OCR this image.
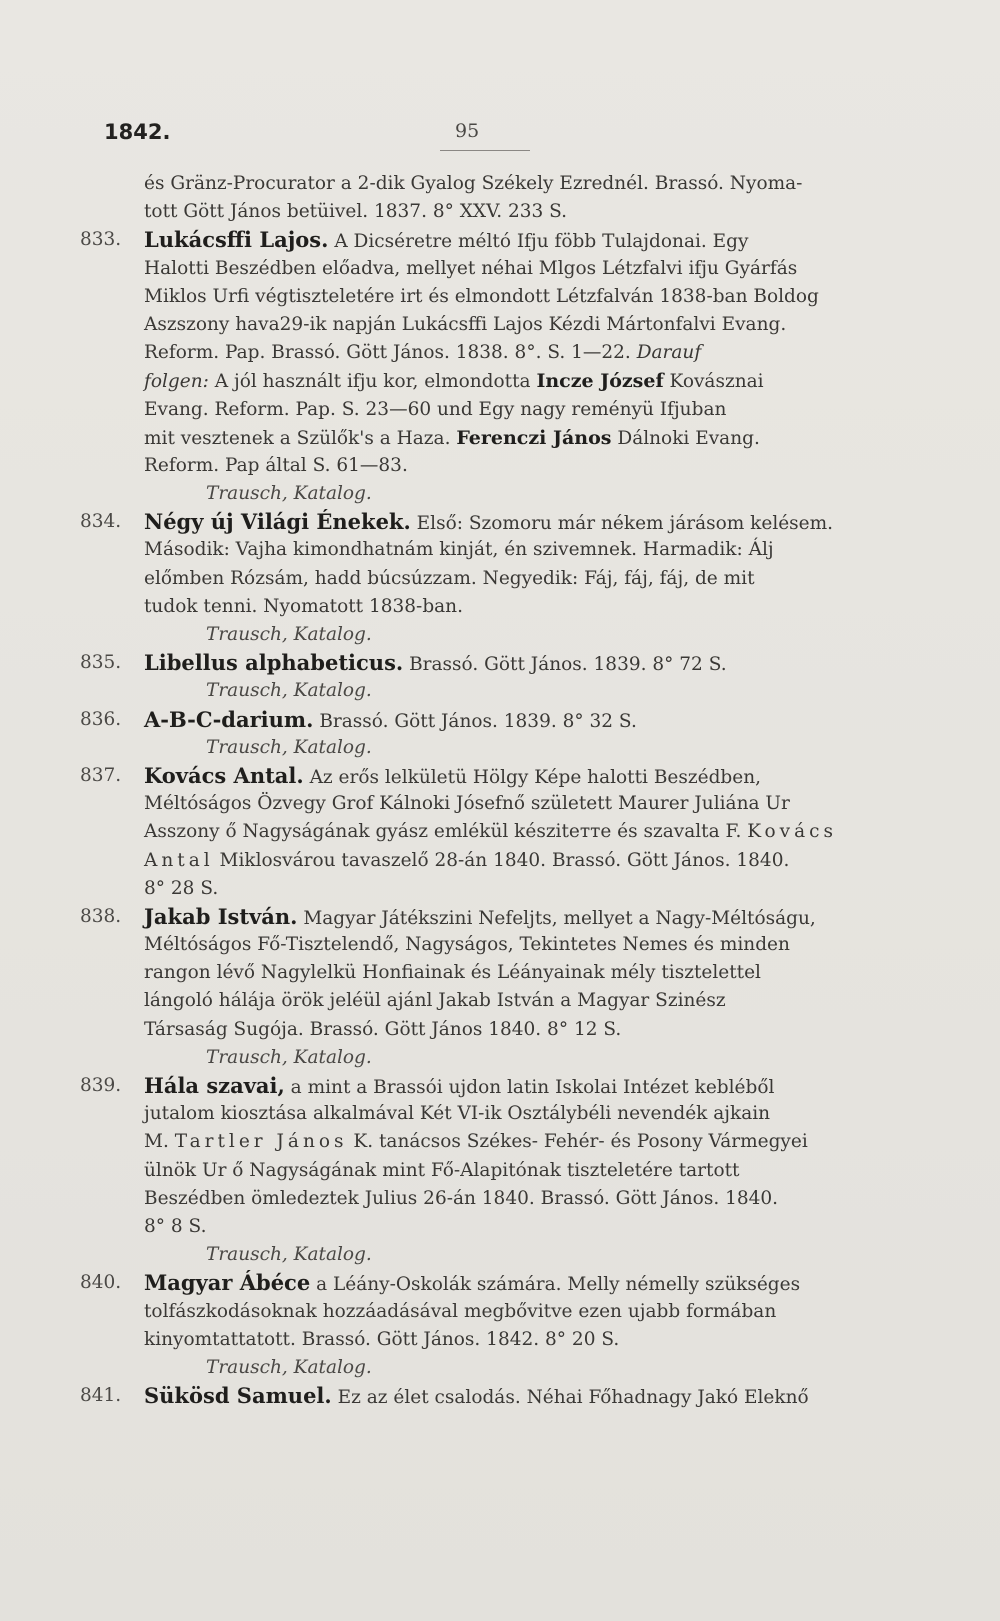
1842.	95
és Gränz-Procurator a 2-dik Gyalog Székely Ezrednél. Brassó. Nyoma-
tott Gött János betüivel. 1837. 8° XXV. 233 S.
833. Lukácsffi Lajos. A Dicséretre méltó Ifju föbb Tulajdonai. Egy
Halotti Beszédben előadva, mellyet néhai Mlgos Létzfalvi ifju Gyárfás
Miklos Urfi végtiszteletére irt és elmondott Létzfalván 1838-ban Boldog
Aszszony hava29-ik napján Lukácsffi Lajos Kézdi Mártonfalvi Evang.
Reform. Pap. Brassó. Gött János. 1838. 8°. S. 1—22. Darauf
folgen: A jól használt ifju kor, elmondotta Incze József Kovásznai
Evang. Reform. Pap. S. 23—60 und Egy nagy reményü Ifjuban
mit vesztenek a Szülők's a Haza. Ferenczi János Dálnoki Evang.
Reform. Pap által S. 61—83.
Trausch, Katalog.
834. Négy új Világi Énekek. Első: Szomoru már nékem járásom kelésem.
Második: Vajha kimondhatnám kinját, én szivemnek. Harmadik: Álj
előmben Rózsám, hadd búcsúzzam. Negyedik: Fáj, fáj, fáj, de mit
tudok tenni. Nyomatott 1838-ban.
Trausch, Katalog.
835. Libellus alphabeticus. Brassó. Gött János. 1839. 8° 72 S.
Trausch, Katalog.
836. A-B-C-darium. Brassó. Gött János. 1839. 8° 32 S.
Trausch, Katalog.
837. Kovács Antal. Az erős lelkületü Hölgy Képe halotti Beszédben,
Méltóságos Özvegy Grof Kálnoki Jósefnő született Maurer Juliána Ur
Asszony ő Nagyságának gyász emlékül késziteтте és szavalta F. Kovács
Antal Miklosvárou tavaszelő 28-án 1840. Brassó. Gött János. 1840.
8° 28 S.
838. Jakab István. Magyar Játékszini Nefeljts, mellyet a Nagy-Méltóságu,
Méltóságos Fő-Tisztelendő, Nagyságos, Tekintetes Nemes és minden
rangon lévő Nagylelkü Honfiainak és Léányainak mély tisztelettel
lángoló hálája örök jeléül ajánl Jakab István a Magyar Szinész
Társaság Sugója. Brassó. Gött János 1840. 8° 12 S.
Trausch, Katalog.
839. Hála szavai, a mint a Brassói ujdon latin Iskolai Intézet kebléből
jutalom kiosztása alkalmával Két VI-ik Osztálybéli nevendék ajkain
M. Tartler János K. tanácsos Székes- Fehér- és Posony Vármegyei
ülnök Ur ő Nagyságának mint Fő-Alapitónak tiszteletére tartott
Beszédben ömledeztek Julius 26-án 1840. Brassó. Gött János. 1840.
8° 8 S.
Trausch, Katalog.
840. Magyar Ábéce a Léány-Oskolák számára. Melly némelly szükséges
tolfászkodásoknak hozzáadásával megbővitve ezen ujabb formában
kinyomtattatott. Brassó. Gött János. 1842. 8° 20 S.
Trausch, Katalog.
841. Sükösd Samuel. Ez az élet csalodás. Néhai Főhadnagy Jakó Eleknő
